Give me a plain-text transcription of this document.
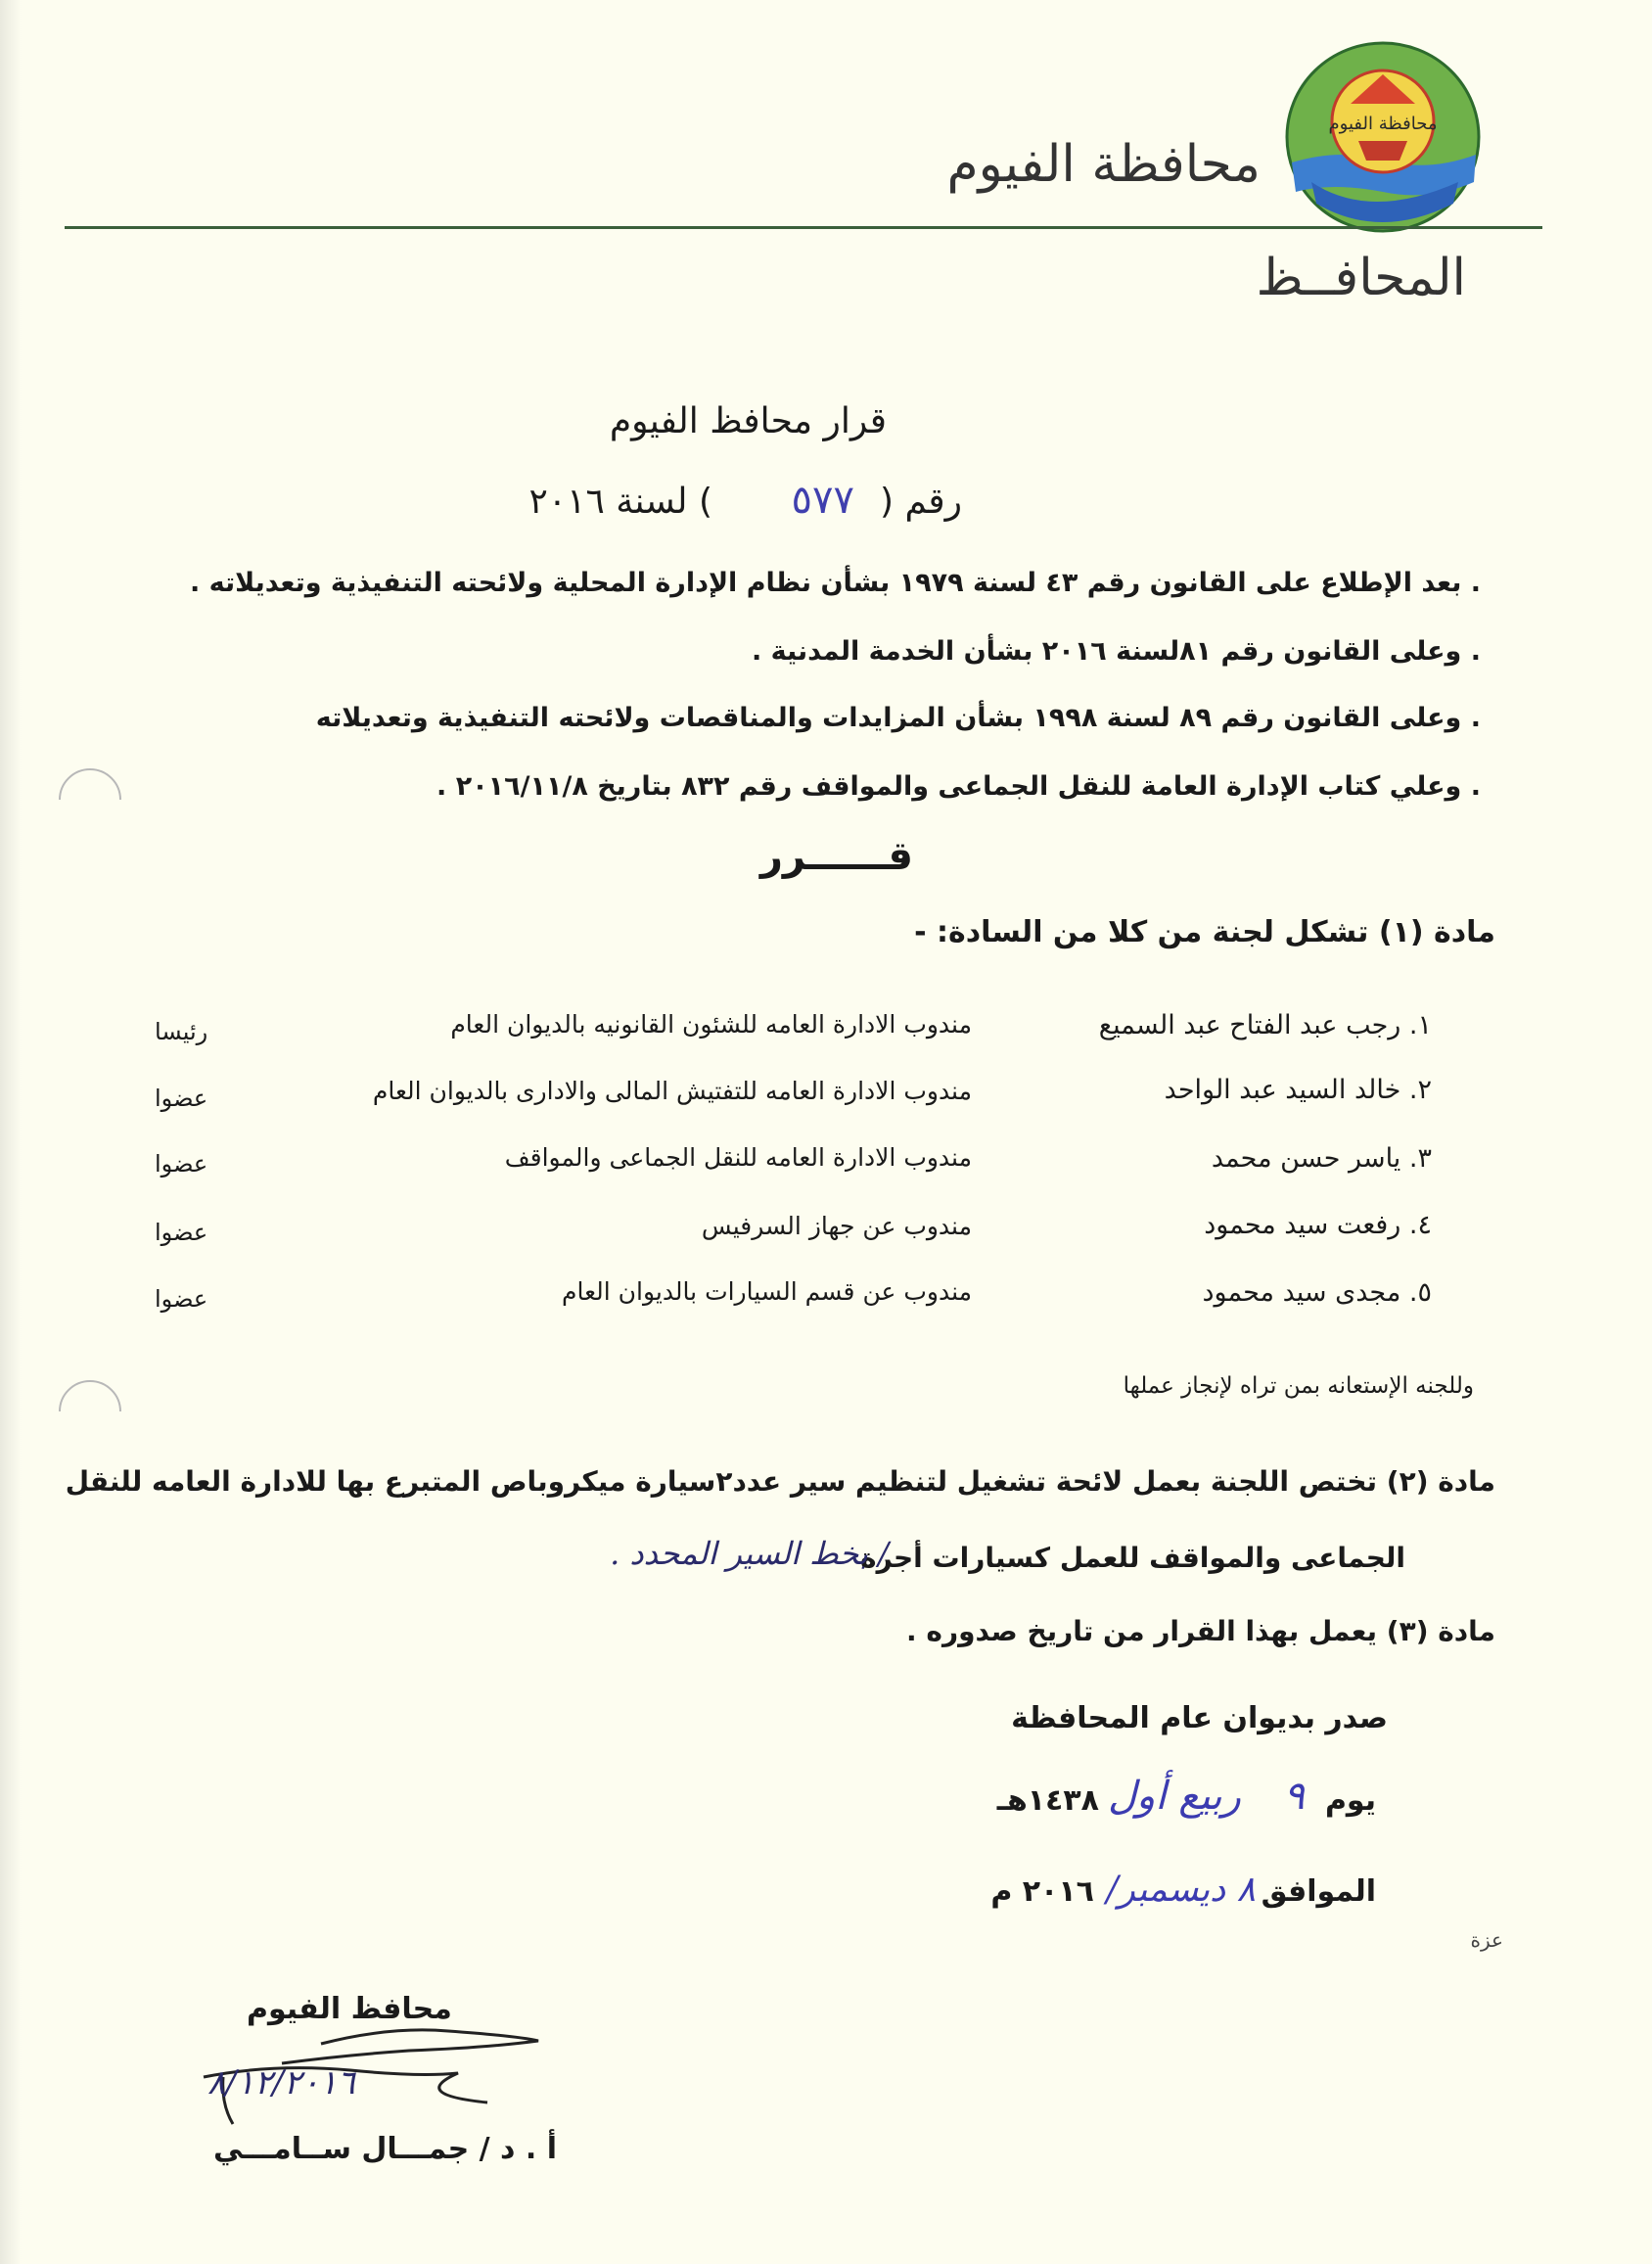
محافظة الفيوم
محافظة الفيوم
المحافــظ
قرار محافظ الفيوم
رقم (
٥٧٧
) لسنة ٢٠١٦
. بعد الإطلاع على القانون رقم ٤٣ لسنة ١٩٧٩ بشأن نظام الإدارة المحلية ولائحته التنفيذية وتعديلاته .
. وعلى القانون رقم ٨١لسنة ٢٠١٦ بشأن الخدمة المدنية .
. وعلى القانون رقم ٨٩ لسنة ١٩٩٨ بشأن المزايدات والمناقصات ولائحته التنفيذية وتعديلاته
. وعلي كتاب الإدارة العامة للنقل الجماعى والمواقف رقم ٨٣٢ بتاريخ ٢٠١٦/١١/٨ .
قــــــرر
مادة (١) تشكل لجنة من كلا من السادة: -
١. رجب عبد الفتاح عبد السميع
مندوب الادارة العامه للشئون القانونيه بالديوان العام
رئيسا
٢. خالد السيد عبد الواحد
مندوب الادارة العامه للتفتيش المالى والادارى بالديوان العام
عضوا
٣. ياسر حسن محمد
مندوب الادارة العامه للنقل الجماعى والمواقف
عضوا
٤. رفعت سيد محمود
مندوب عن جهاز السرفيس
عضوا
٥. مجدى سيد محمود
مندوب عن قسم السيارات بالديوان العام
عضوا
وللجنه الإستعانه بمن تراه لإنجاز عملها
مادة (٢) تختص اللجنة بعمل لائحة تشغيل لتنظيم سير عدد٢سيارة ميكروباص المتبرع بها للادارة العامه للنقل
الجماعى والمواقف للعمل كسيارات أجرة
/ بخط السير المحدد .
مادة (٣) يعمل بهذا القرار من تاريخ صدوره .
صدر بديوان عام المحافظة
يوم
٩
ربيع أول
١٤٣٨هـ
الموافق
٨ ديسمبر/
٢٠١٦ م
عزة
محافظ الفيوم
٨/١٢/٢٠١٦
أ . د / جمـــال ســامـــي
